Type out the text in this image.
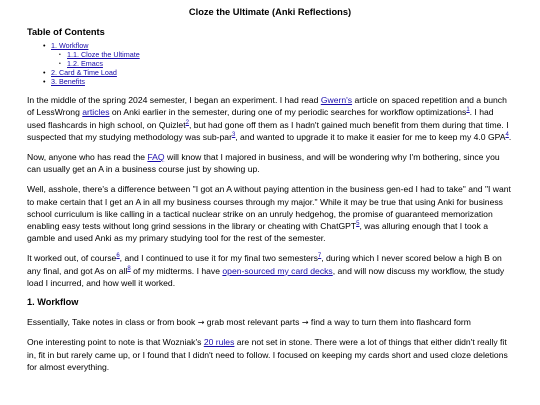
Cloze the Ultimate (Anki Reflections)
Table of Contents
•1. Workflow
•1.1. Cloze the Ultimate
•1.2. Emacs
•2. Card & Time Load
•3. Benefits

In the middle of the spring 2024 semester, I began an experiment. I had read Gwern's article on spaced repetition and a bunch of LessWrong articles on Anki earlier in the semester, during one of my periodic searches for workflow optimizations$^1$. I had used flashcards in high school, on Quizlet$^2$, but had gone off them as I hadn't gained much benefit from them during that time. I suspected that my studying methodology was sub-par$^3$, and wanted to upgrade it to make it easier for me to keep my 4.0 GPA$^4$.

Now, anyone who has read the FAQ will know that I majored in business, and will be wondering why I'm bothering, since you can usually get an A in a business course just by showing up.

Well, asshole, there's a difference between "I got an A without paying attention in the business gen-ed I had to take" and "I want to make certain that I get an A in all my business courses through my major." While it may be true that using Anki for business school curriculum is like calling in a tactical nuclear strike on an unruly hedgehog, the promise of guaranteed memorization enabling easy tests without long grind sessions in the library or cheating with ChatGPT$^5$, was alluring enough that I took a gamble and used Anki as my primary studying tool for the rest of the semester.

It worked out, of course$^6$, and I continued to use it for my final two semesters$^7$, during which I never scored below a high B on any final, and got As on all$^8$ of my midterms. I have open-sourced my card decks, and will now discuss my workflow, the study load I incurred, and how well it worked.

1. Workflow

Essentially, Take notes in class or from book → grab most relevant parts → find a way to turn them into flashcard form

One interesting point to note is that Wozniak's 20 rules are not set in stone. There were a lot of things that either didn't really fit in, fit in but rarely came up, or I found that I didn't need to follow. I focused on keeping my cards short and used cloze deletions for almost everything.
